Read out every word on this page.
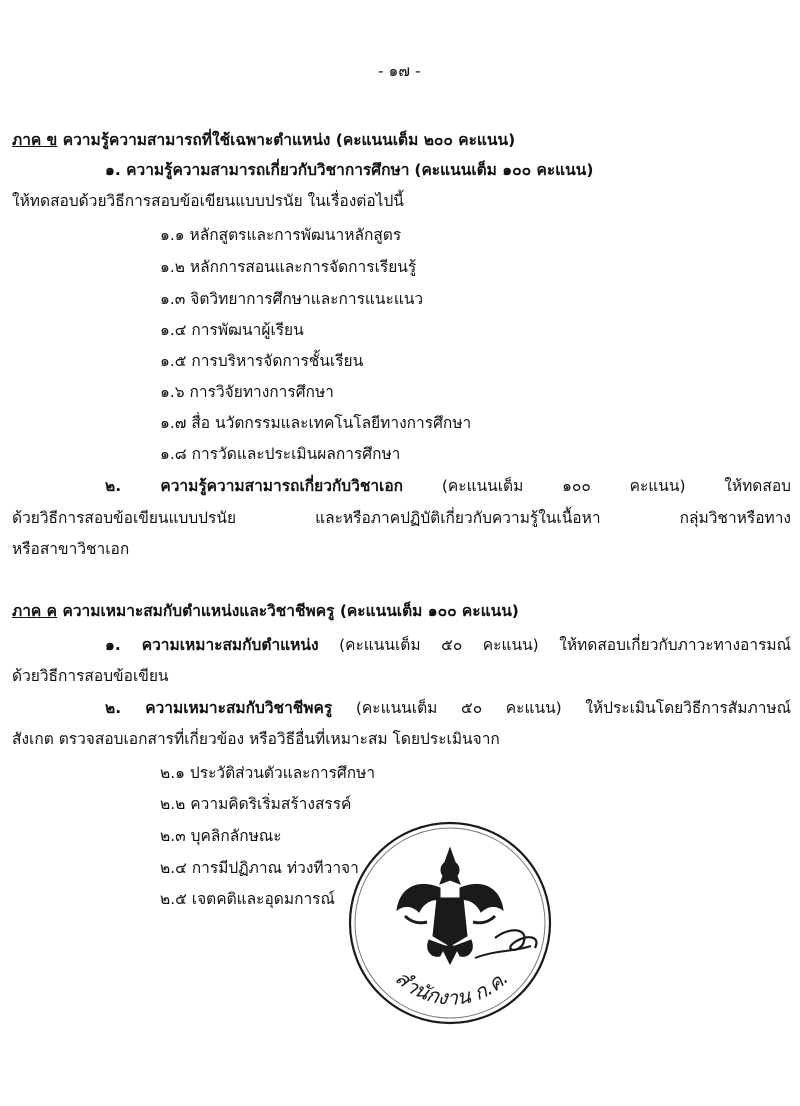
- ๑๗ -
ภาค ข ความรู้ความสามารถที่ใช้เฉพาะตำแหน่ง (คะแนนเต็ม ๒๐๐ คะแนน)
๑. ความรู้ความสามารถเกี่ยวกับวิชาการศึกษา (คะแนนเต็ม ๑๐๐ คะแนน)
ให้ทดสอบด้วยวิธีการสอบข้อเขียนแบบปรนัย ในเรื่องต่อไปนี้
๑.๑ หลักสูตรและการพัฒนาหลักสูตร
๑.๒ หลักการสอนและการจัดการเรียนรู้
๑.๓ จิตวิทยาการศึกษาและการแนะแนว
๑.๔ การพัฒนาผู้เรียน
๑.๕ การบริหารจัดการชั้นเรียน
๑.๖ การวิจัยทางการศึกษา
๑.๗ สื่อ นวัตกรรมและเทคโนโลยีทางการศึกษา
๑.๘ การวัดและประเมินผลการศึกษา
๒. ความรู้ความสามารถเกี่ยวกับวิชาเอก	(คะแนนเต็ม ๑๐๐ คะแนน) ให้ทดสอบ
ด้วยวิธีการสอบข้อเขียนแบบปรนัย และหรือภาคปฏิบัติเกี่ยวกับความรู้ในเนื้อหา กลุ่มวิชาหรือทาง
หรือสาขาวิชาเอก
ภาค ค ความเหมาะสมกับตำแหน่งและวิชาชีพครู (คะแนนเต็ม ๑๐๐ คะแนน)
๑. ความเหมาะสมกับตำแหน่ง (คะแนนเต็ม ๕๐ คะแนน) ให้ทดสอบเกี่ยวกับภาวะทางอารมณ์
ด้วยวิธีการสอบข้อเขียน
๒. ความเหมาะสมกับวิชาชีพครู (คะแนนเต็ม ๕๐ คะแนน) ให้ประเมินโดยวิธีการสัมภาษณ์
สังเกต ตรวจสอบเอกสารที่เกี่ยวข้อง หรือวิธีอื่นที่เหมาะสม โดยประเมินจาก
๒.๑ ประวัติส่วนตัวและการศึกษา
๒.๒ ความคิดริเริ่มสร้างสรรค์
๒.๓ บุคลิกลักษณะ
๒.๔ การมีปฏิภาณ ท่วงทีวาจา
๒.๕ เจตคติและอุดมการณ์
สำนักงาน ก.ค.
